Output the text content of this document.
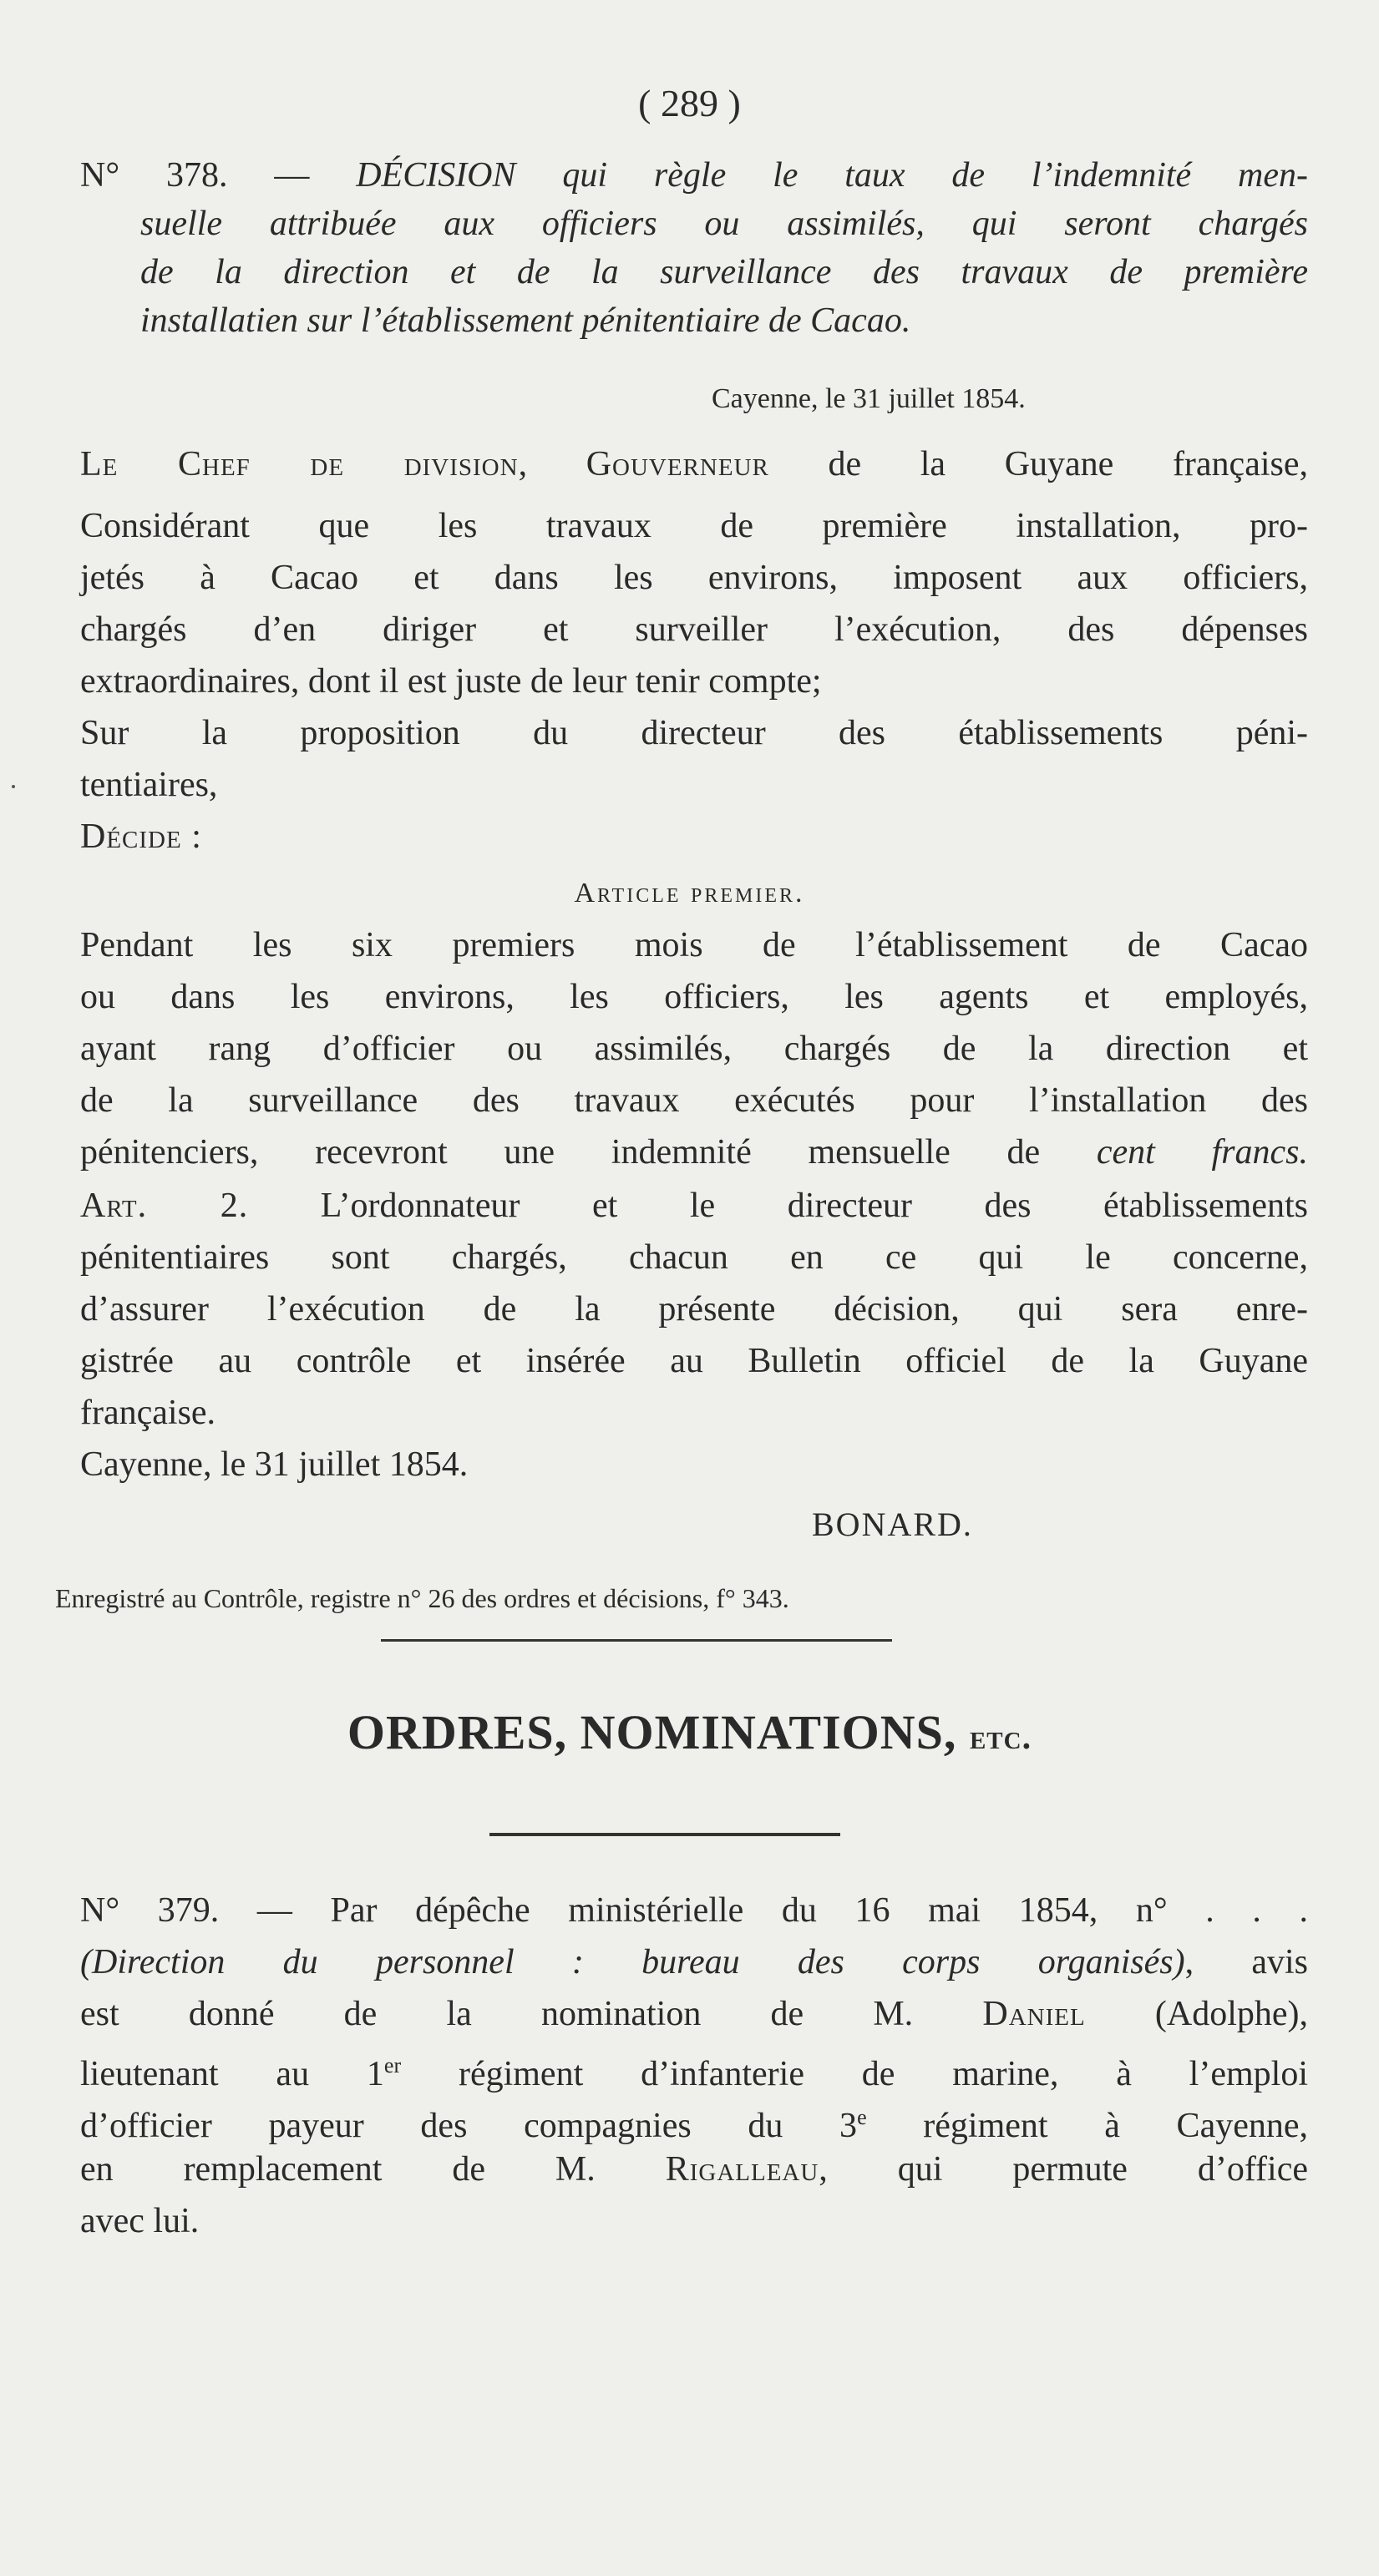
( 289 )
N° 378. — DÉCISION qui règle le taux de l’indemnité men-
suelle attribuée aux officiers ou assimilés, qui seront chargés
de la direction et de la surveillance des travaux de première
installatien sur l’établissement pénitentiaire de Cacao.
Cayenne, le 31 juillet 1854.
Le Chef de division, Gouverneur de la Guyane française,
Considérant que les travaux de première installation, pro-
jetés à Cacao et dans les environs, imposent aux officiers,
chargés d’en diriger et surveiller l’exécution, des dépenses
extraordinaires, dont il est juste de leur tenir compte;
Sur la proposition du directeur des établissements péni-
tentiaires,
Décide :
Article premier.
Pendant les six premiers mois de l’établissement de Cacao
ou dans les environs, les officiers, les agents et employés,
ayant rang d’officier ou assimilés, chargés de la direction et
de la surveillance des travaux exécutés pour l’installation des
pénitenciers, recevront une indemnité mensuelle de cent francs.
Art. 2. L’ordonnateur et le directeur des établissements
pénitentiaires sont chargés, chacun en ce qui le concerne,
d’assurer l’exécution de la présente décision, qui sera enre-
gistrée au contrôle et insérée au Bulletin officiel de la Guyane
française.
Cayenne, le 31 juillet 1854.
BONARD.
Enregistré au Contrôle, registre n° 26 des ordres et décisions, f° 343.
ORDRES, NOMINATIONS, etc.
N° 379. — Par dépêche ministérielle du 16 mai 1854, n° . . .
(Direction du personnel : bureau des corps organisés), avis
est donné de la nomination de M. Daniel (Adolphe),
lieutenant au 1er régiment d’infanterie de marine, à l’emploi
d’officier payeur des compagnies du 3e régiment à Cayenne,
en remplacement de M. Rigalleau, qui permute d’office
avec lui.
